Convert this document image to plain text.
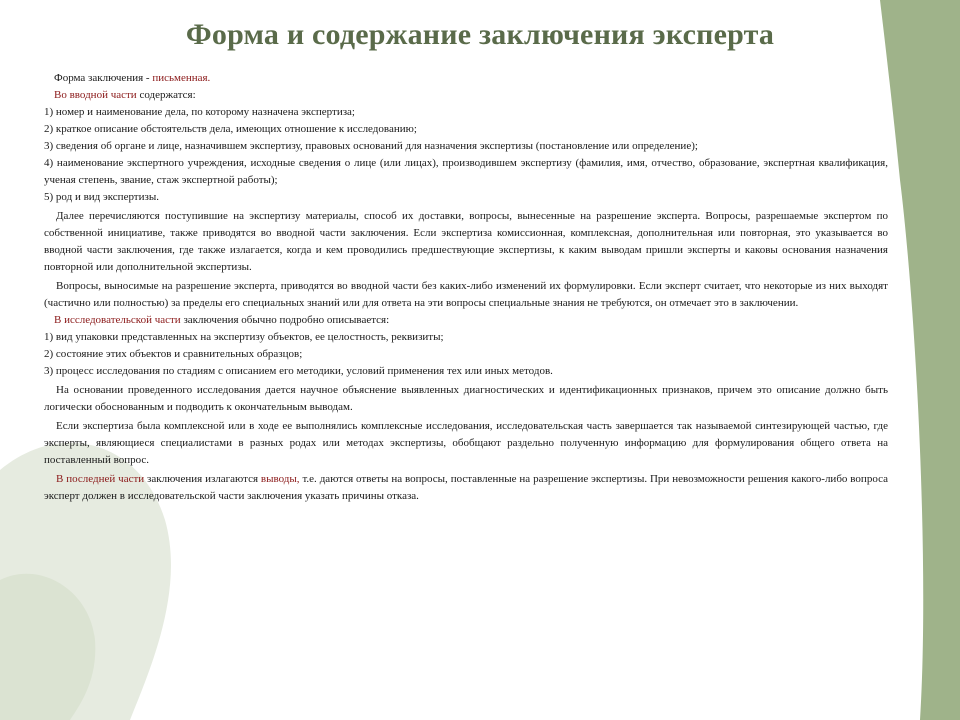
Форма и содержание заключения эксперта

Форма заключения - письменная.

Во вводной части содержатся:

1) номер и наименование дела, по которому назначена экспертиза;

2) краткое описание обстоятельств дела, имеющих отношение к исследованию;

3) сведения об органе и лице, назначившем экспертизу, правовых оснований для назначения экспертизы (постановление или определение);

4) наименование экспертного учреждения, исходные сведения о лице (или лицах), производившем экспертизу (фамилия, имя, отчество, образование, экспертная квалификация, ученая степень, звание, стаж экспертной работы);

5) род и вид экспертизы.

Далее перечисляются поступившие на экспертизу материалы, способ их доставки, вопросы, вынесенные на разрешение эксперта. Вопросы, разрешаемые экспертом по собственной инициативе, также приводятся во вводной части заключения. Если экспертиза комиссионная, комплексная, дополнительная или повторная, это указывается во вводной части заключения, где также излагается, когда и кем проводились предшествующие экспертизы, к каким выводам пришли эксперты и каковы основания назначения повторной или дополнительной экспертизы.

Вопросы, выносимые на разрешение эксперта, приводятся во вводной части без каких-либо изменений их формулировки. Если эксперт считает, что некоторые из них выходят (частично или полностью) за пределы его специальных знаний или для ответа на эти вопросы специальные знания не требуются, он отмечает это в заключении.

В исследовательской части заключения обычно подробно описывается:

1) вид упаковки представленных на экспертизу объектов, ее целостность, реквизиты;

2) состояние этих объектов и сравнительных образцов;

3) процесс исследования по стадиям с описанием его методики, условий применения тех или иных методов.

На основании проведенного исследования дается научное объяснение выявленных диагностических и идентификационных признаков, причем это описание должно быть логически обоснованным и подводить к окончательным выводам.

Если экспертиза была комплексной или в ходе ее выполнялись комплексные исследования, исследовательская часть завершается так называемой синтезирующей частью, где эксперты, являющиеся специалистами в разных родах или методах экспертизы, обобщают раздельно полученную информацию для формулирования общего ответа на поставленный вопрос.

В последней части заключения излагаются выводы, т.е. даются ответы на вопросы, поставленные на разрешение экспертизы. При невозможности решения какого-либо вопроса эксперт должен в исследовательской части заключения указать причины отказа.
